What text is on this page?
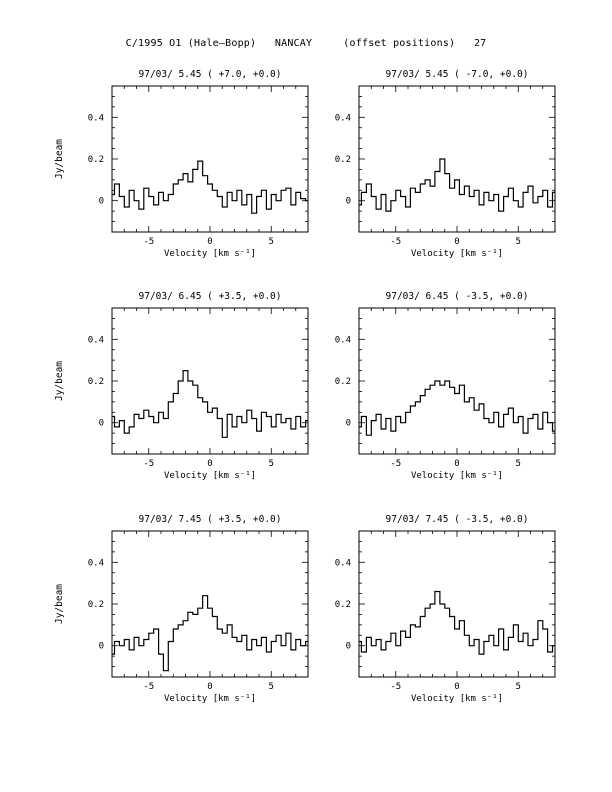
C/1995 O1 (Hale–Bopp)   NANCAY     (offset positions)   27
-5	0	5
0
0.2
0.4
97/03/ 5.45 ( +7.0, +0.0)
Velocity [km s⁻¹]
Jy/beam
-5	0	5
0
0.2
0.4
97/03/ 5.45 ( -7.0, +0.0)
Velocity [km s⁻¹]
-5	0	5
0
0.2
0.4
97/03/ 6.45 ( +3.5, +0.0)
Velocity [km s⁻¹]
Jy/beam
-5	0	5
0
0.2
0.4
97/03/ 6.45 ( -3.5, +0.0)
Velocity [km s⁻¹]
-5	0	5
0
0.2
0.4
97/03/ 7.45 ( +3.5, +0.0)
Velocity [km s⁻¹]
Jy/beam
-5	0	5
0
0.2
0.4
97/03/ 7.45 ( -3.5, +0.0)
Velocity [km s⁻¹]
